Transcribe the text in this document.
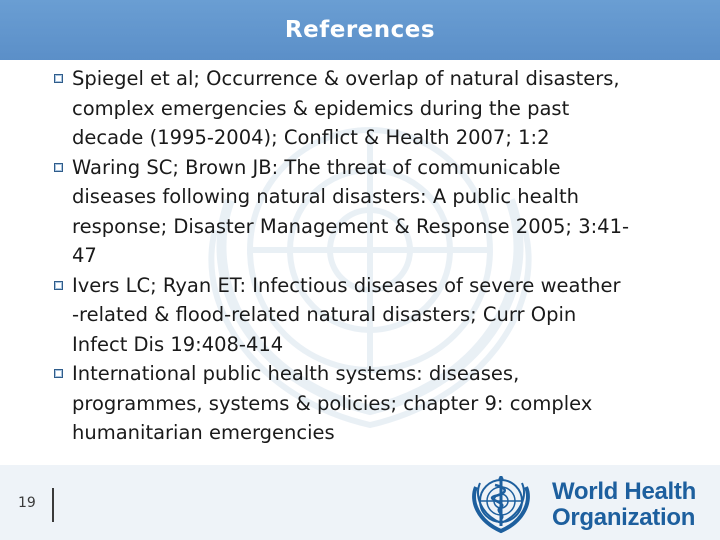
References
Spiegel et al; Occurrence & overlap of natural disasters,
complex emergencies & epidemics during the past
decade (1995-2004); Conflict & Health 2007; 1:2
Waring SC; Brown JB: The threat of communicable
diseases following natural disasters: A public health
response; Disaster Management & Response 2005; 3:41-
47
Ivers LC; Ryan ET: Infectious diseases of severe weather
-related & flood-related natural disasters; Curr Opin
Infect Dis 19:408-414
International public health systems: diseases,
programmes, systems & policies; chapter 9: complex
humanitarian emergencies
19	World Health
Organization
